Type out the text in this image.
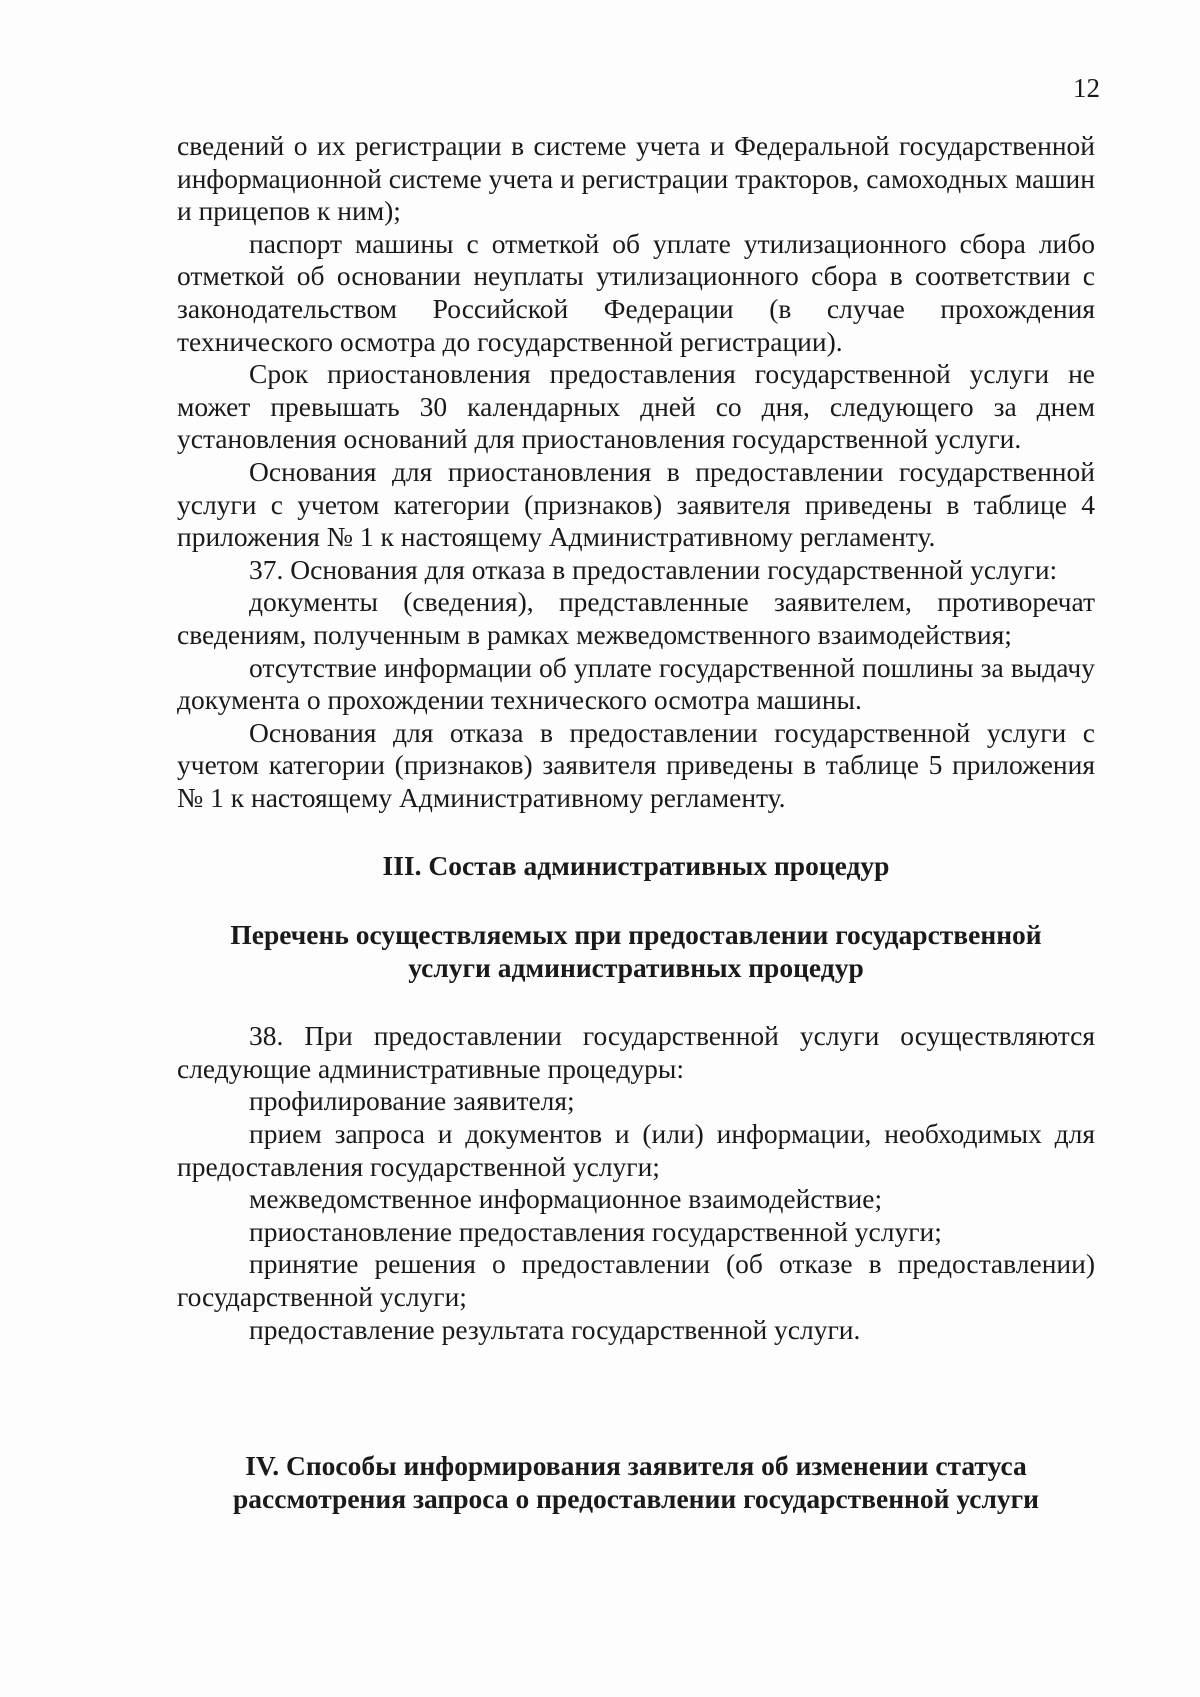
12

сведений о их регистрации в системе учета и Федеральной государственной информационной системе учета и регистрации тракторов, самоходных машин и прицепов к ним);

паспорт машины с отметкой об уплате утилизационного сбора либо отметкой об основании неуплаты утилизационного сбора в соответствии с законодательством Российской Федерации (в случае прохождения технического осмотра до государственной регистрации).

Срок приостановления предоставления государственной услуги не может превышать 30 календарных дней со дня, следующего за днем установления оснований для приостановления государственной услуги.

Основания для приостановления в предоставлении государственной услуги с учетом категории (признаков) заявителя приведены в таблице 4 приложения № 1 к настоящему Административному регламенту.

37. Основания для отказа в предоставлении государственной услуги:

документы (сведения), представленные заявителем, противоречат сведениям, полученным в рамках межведомственного взаимодействия;

отсутствие информации об уплате государственной пошлины за выдачу документа о прохождении технического осмотра машины.

Основания для отказа в предоставлении государственной услуги с учетом категории (признаков) заявителя приведены в таблице 5 приложения № 1 к настоящему Административному регламенту.

III. Состав административных процедур

Перечень осуществляемых при предоставлении государственной

услуги административных процедур

38. При предоставлении государственной услуги осуществляются следующие административные процедуры:

профилирование заявителя;

прием запроса и документов и (или) информации, необходимых для предоставления государственной услуги;

межведомственное информационное взаимодействие;

приостановление предоставления государственной услуги;

принятие решения о предоставлении (об отказе в предоставлении) государственной услуги;

предоставление результата государственной услуги.

IV. Способы информирования заявителя об изменении статуса

рассмотрения запроса о предоставлении государственной услуги
